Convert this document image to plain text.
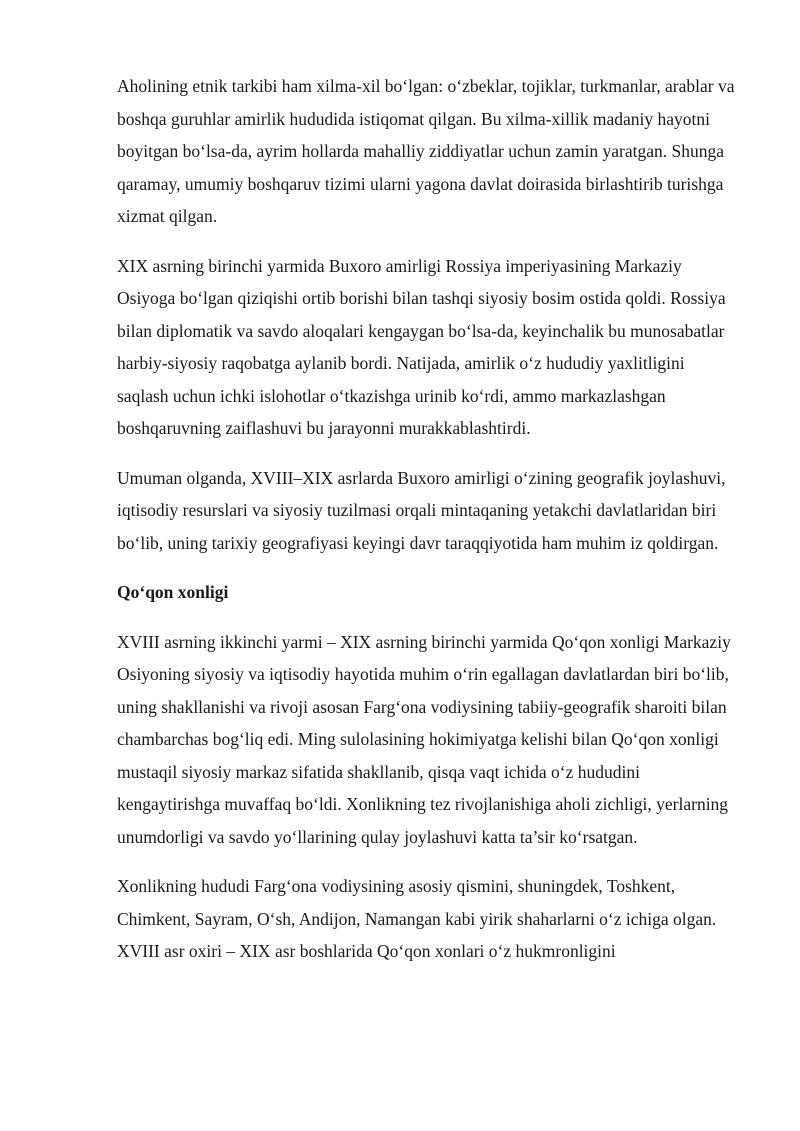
Aholining etnik tarkibi ham xilma-xil bo‘lgan: o‘zbeklar, tojiklar, turkmanlar, arablar va boshqa guruhlar amirlik hududida istiqomat qilgan. Bu xilma-xillik madaniy hayotni boyitgan bo‘lsa-da, ayrim hollarda mahalliy ziddiyatlar uchun zamin yaratgan. Shunga qaramay, umumiy boshqaruv tizimi ularni yagona davlat doirasida birlashtirib turishga xizmat qilgan.

XIX asrning birinchi yarmida Buxoro amirligi Rossiya imperiyasining Markaziy Osiyoga bo‘lgan qiziqishi ortib borishi bilan tashqi siyosiy bosim ostida qoldi. Rossiya bilan diplomatik va savdo aloqalari kengaygan bo‘lsa-da, keyinchalik bu munosabatlar harbiy-siyosiy raqobatga aylanib bordi. Natijada, amirlik o‘z hududiy yaxlitligini saqlash uchun ichki islohotlar o‘tkazishga urinib ko‘rdi, ammo markazlashgan boshqaruvning zaiflashuvi bu jarayonni murakkablashtirdi.

Umuman olganda, XVIII–XIX asrlarda Buxoro amirligi o‘zining geografik joylashuvi, iqtisodiy resurslari va siyosiy tuzilmasi orqali mintaqaning yetakchi davlatlaridan biri bo‘lib, uning tarixiy geografiyasi keyingi davr taraqqiyotida ham muhim iz qoldirgan.

Qo‘qon xonligi

XVIII asrning ikkinchi yarmi – XIX asrning birinchi yarmida Qo‘qon xonligi Markaziy Osiyoning siyosiy va iqtisodiy hayotida muhim o‘rin egallagan davlatlardan biri bo‘lib, uning shakllanishi va rivoji asosan Farg‘ona vodiysining tabiiy-geografik sharoiti bilan chambarchas bog‘liq edi. Ming sulolasining hokimiyatga kelishi bilan Qo‘qon xonligi mustaqil siyosiy markaz sifatida shakllanib, qisqa vaqt ichida o‘z hududini kengaytirishga muvaffaq bo‘ldi. Xonlikning tez rivojlanishiga aholi zichligi, yerlarning unumdorligi va savdo yo‘llarining qulay joylashuvi katta ta’sir ko‘rsatgan.

Xonlikning hududi Farg‘ona vodiysining asosiy qismini, shuningdek, Toshkent, Chimkent, Sayram, O‘sh, Andijon, Namangan kabi yirik shaharlarni o‘z ichiga olgan. XVIII asr oxiri – XIX asr boshlarida Qo‘qon xonlari o‘z hukmronligini
